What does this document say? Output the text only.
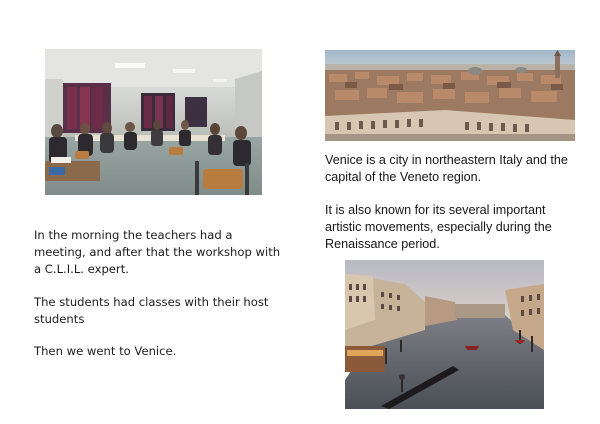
In the morning the teachers had a meeting, and after that the workshop with a C.L.I.L. expert.

The students had classes with their host students

Then we went to Venice.

Venice is a city in northeastern Italy and the capital of the Veneto region.

It is also known for its several important artistic movements, especially during the Renaissance period.
